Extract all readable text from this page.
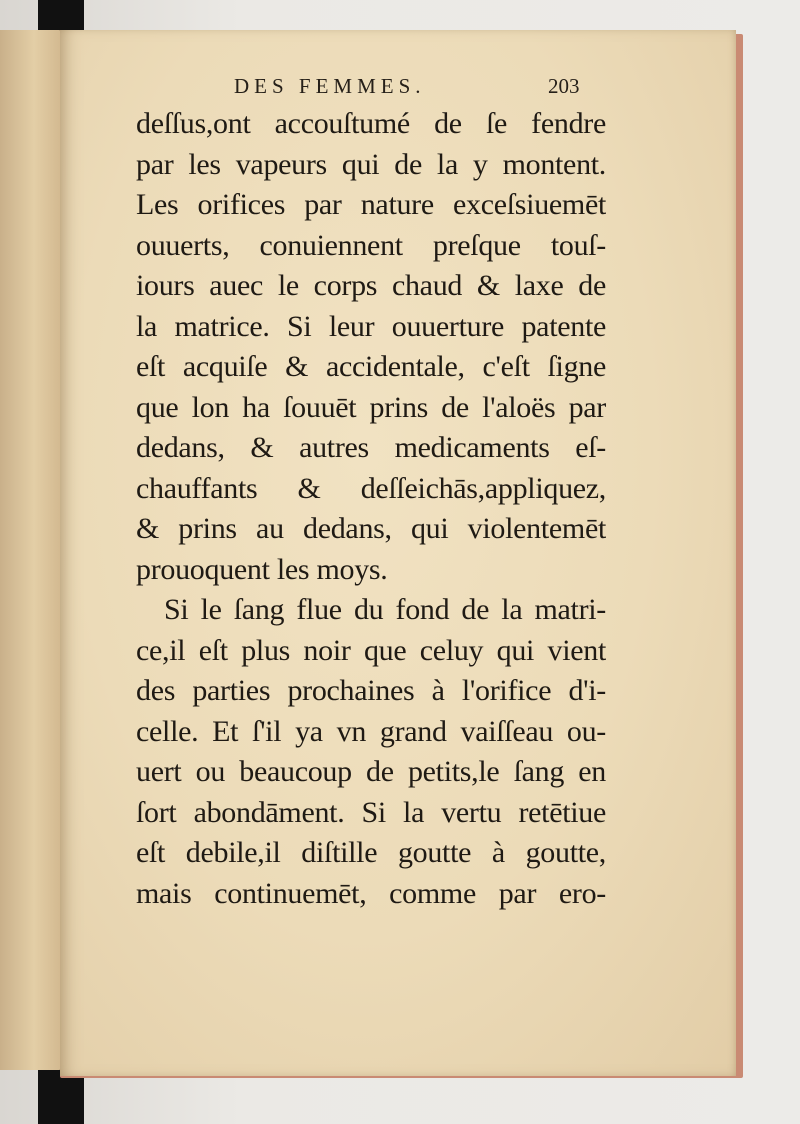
DES FEMMES.	203
deſſus,ont accouſtumé de ſe fendre
par les vapeurs qui de la y montent.
Les orifices par nature exceſsiuemēt
ouuerts, conuiennent preſque touſ-
iours auec le corps chaud & laxe de
la matrice. Si leur ouuerture patente
eſt acquiſe & accidentale, c'eſt ſigne
que lon ha ſouuēt prins de l'aloës par
dedans, & autres medicaments eſ-
chauffants & deſſeichās,appliquez,
& prins au dedans, qui violentemēt
prouoquent les moys.
Si le ſang flue du fond de la matri-
ce,il eſt plus noir que celuy qui vient
des parties prochaines à l'orifice d'i-
celle. Et ſ'il ya vn grand vaiſſeau ou-
uert ou beaucoup de petits,le ſang en
ſort abondāment. Si la vertu retētiue
eſt debile,il diſtille goutte à goutte,
mais continuemēt, comme par ero-
